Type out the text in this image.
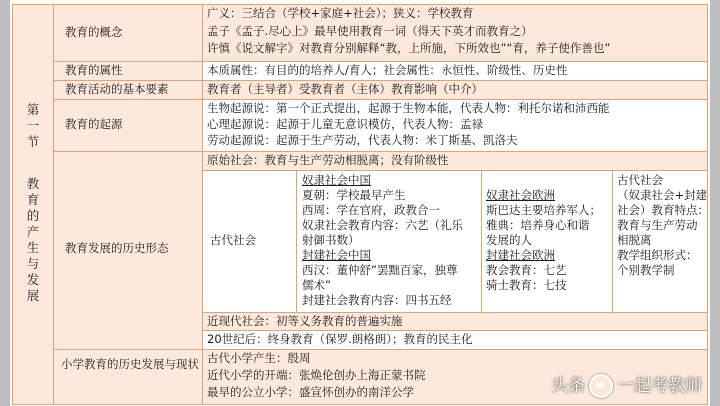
第一节
教育的产生与发展
教育的概念
教育的属性
教育活动的基本要素
教育的起源
教育发展的历史形态
小学教育的历史发展与现状
广义：三结合（学校+家庭+社会）；狭义：学校教育
孟子《孟子.尽心上》最早使用教育一词（得天下英才而教育之）
许慎《说文解字》对教育分别解释“教，上所施，下所效也”“育，养子使作善也”
本质属性：有目的的培养人/育人；社会属性：永恒性、阶级性、历史性
教育者（主导者）受教育者（主体）教育影响（中介）
生物起源说：第一个正式提出，起源于生物本能，代表人物：利托尔诺和沛西能
心理起源说：起源于儿童无意识模仿，代表人物：孟禄
劳动起源说：起源于生产劳动，代表人物：米丁斯基、凯洛夫
原始社会：教育与生产劳动相脱离；没有阶级性
古代社会
奴隶社会中国
夏朝：学校最早产生
西周：学在官府，政教合一
奴隶社会教育内容：六艺（礼乐
射御书数）
封建社会中国
西汉：董仲舒”罢黜百家，独尊
儒术”
封建社会教育内容：四书五经
奴隶社会欧洲
斯巴达主要培养军人；
雅典：培养身心和谐
发展的人
封建社会欧洲
教会教育：七艺
骑士教育：七技
古代社会
（奴隶社会+封建
社会）教育特点：
教育与生产劳动
相脱离
教学组织形式：
个别教学制
近现代社会：初等义务教育的普遍实施
20世纪后：终身教育（保罗.朗格朗）；教育的民主化
古代小学产生：殷周
近代小学的开端：张焕伦创办上海正蒙书院
最早的公立小学：盛宣怀创办的南洋公学	头条 一起考教师
